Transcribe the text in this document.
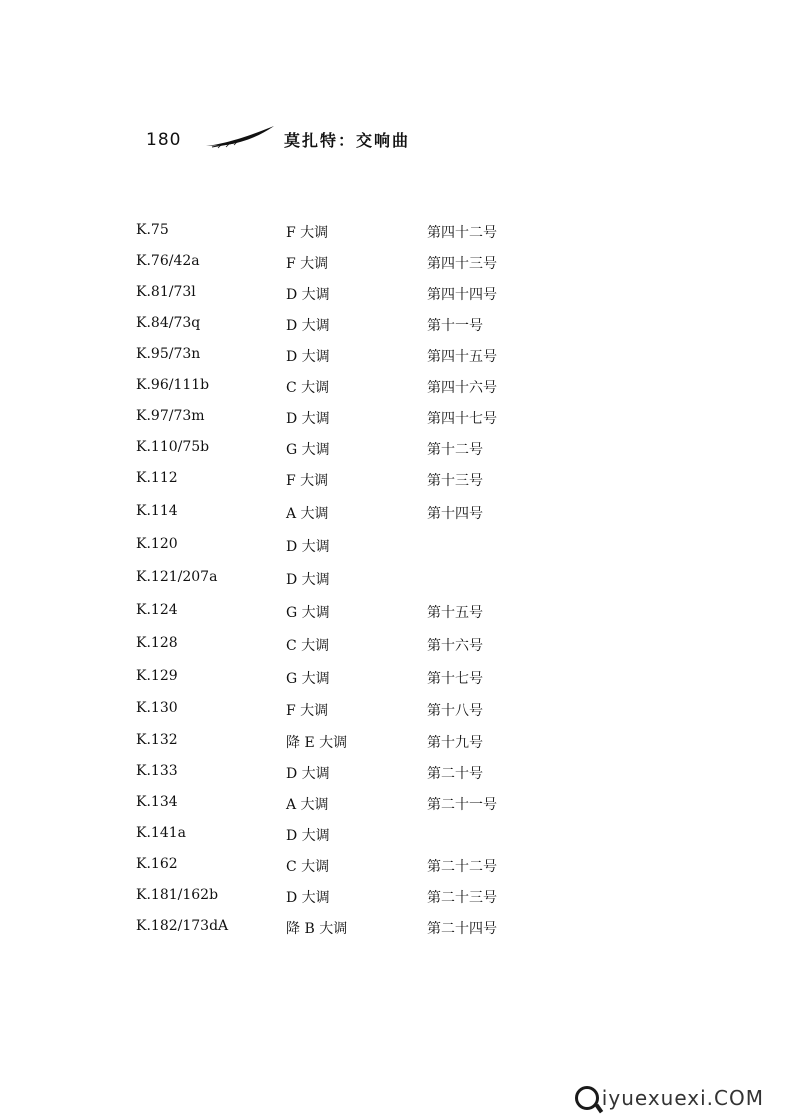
180	莫扎特：交响曲
K.75	F 大调	第四十二号
K.76/42a	F 大调	第四十三号
K.81/73l	D 大调	第四十四号
K.84/73q	D 大调	第十一号
K.95/73n	D 大调	第四十五号
K.96/111b	C 大调	第四十六号
K.97/73m	D 大调	第四十七号
K.110/75b	G 大调	第十二号
K.112	F 大调	第十三号
K.114	A 大调	第十四号
K.120	D 大调
K.121/207a	D 大调
K.124	G 大调	第十五号
K.128	C 大调	第十六号
K.129	G 大调	第十七号
K.130	F 大调	第十八号
K.132	降 E 大调	第十九号
K.133	D 大调	第二十号
K.134	A 大调	第二十一号
K.141a	D 大调
K.162	C 大调	第二十二号
K.181/162b	D 大调	第二十三号
K.182/173dA	降 B 大调	第二十四号
iyuexuexi.COM
